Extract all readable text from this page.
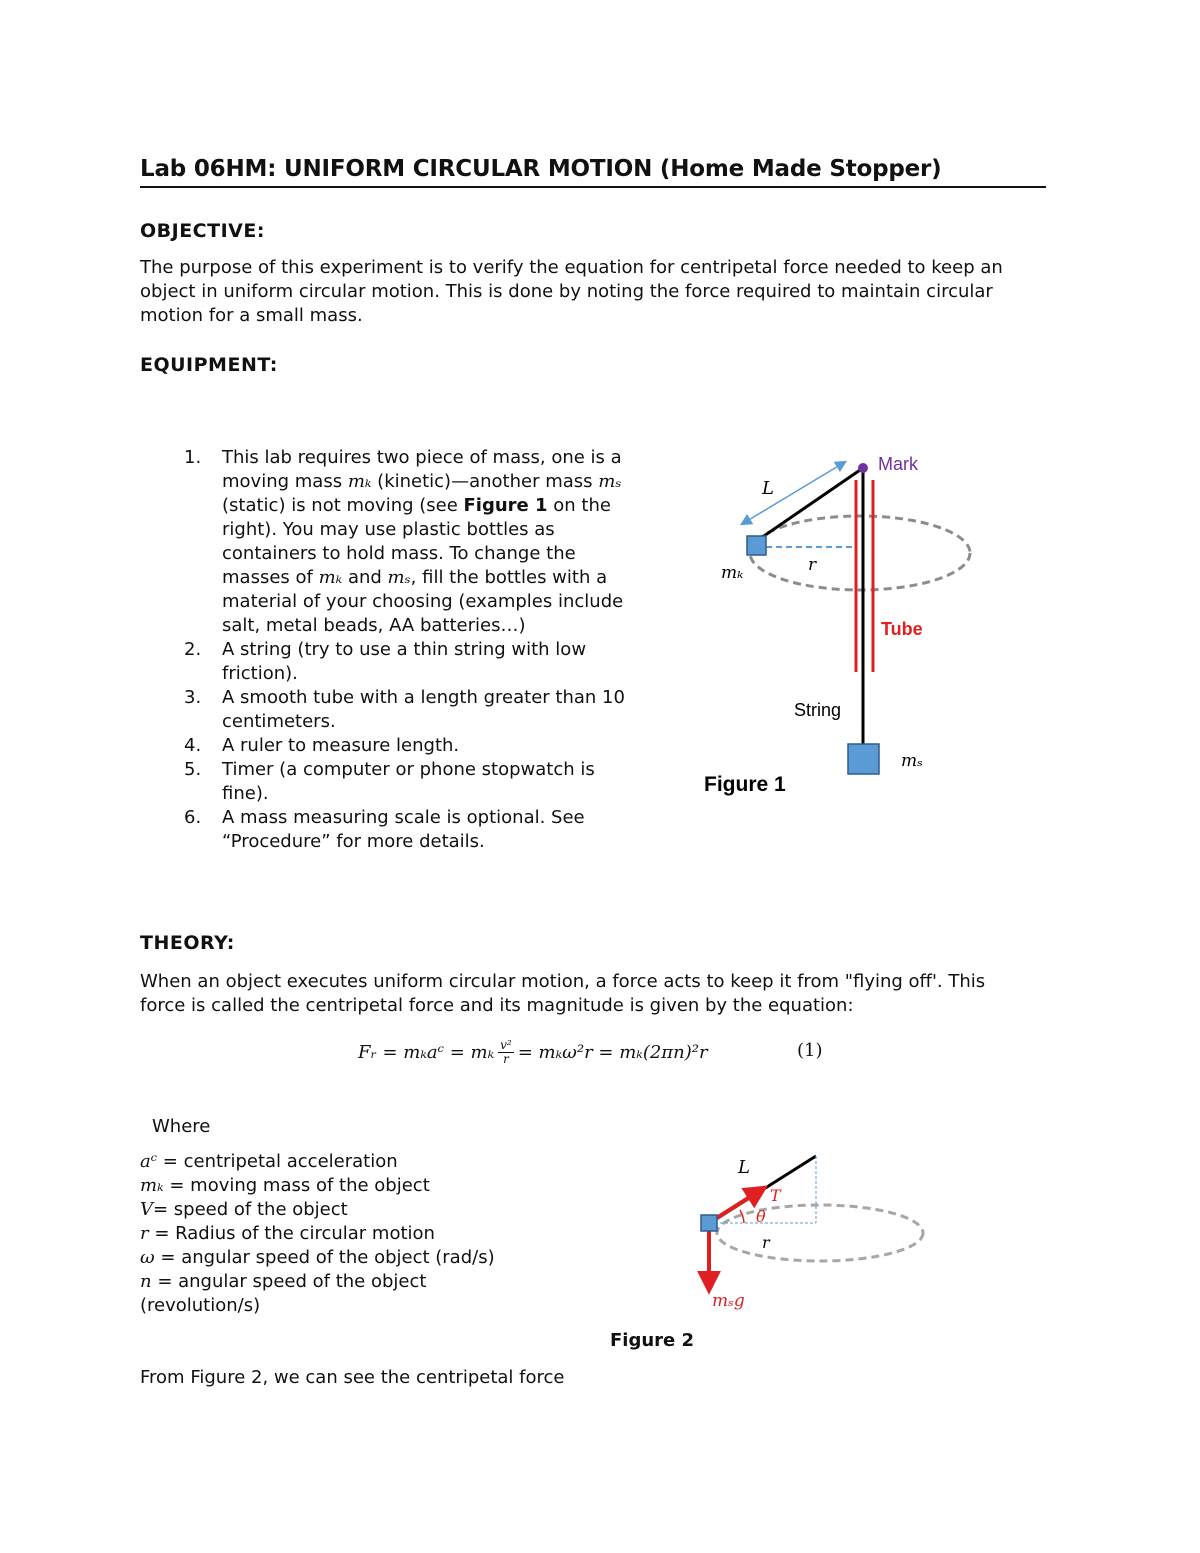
Lab 06HM: UNIFORM CIRCULAR MOTION (Home Made Stopper)
OBJECTIVE:
The purpose of this experiment is to verify the equation for centripetal force needed to keep an
object in uniform circular motion. This is done by noting the force required to maintain circular
motion for a small mass.
EQUIPMENT:
1. This lab requires two piece of mass, one is a
moving mass mₖ (kinetic)—another mass mₛ
(static) is not moving (see Figure 1 on the
right). You may use plastic bottles as
containers to hold mass. To change the
masses of mₖ and mₛ, fill the bottles with a
material of your choosing (examples include
salt, metal beads, AA batteries…)
2. A string (try to use a thin string with low
friction).
3. A smooth tube with a length greater than 10
centimeters.
4. A ruler to measure length.
5. Timer (a computer or phone stopwatch is
fine).
6. A mass measuring scale is optional. See
“Procedure” for more details.
Mark
L
r
mₖ
Tube
String
mₛ
Figure 1
THEORY:
When an object executes uniform circular motion, a force acts to keep it from "flying off'. This
force is called the centripetal force and its magnitude is given by the equation:
Fᵣ = mₖaᶜ = mₖ $\frac{\text{v²}}{r} = m_k\omega^2r = m_k(2\pi n)^2r$	(1)
Where
aᶜ = centripetal acceleration
mₖ = moving mass of the object
V= speed of the object
r = Radius of the circular motion
ω = angular speed of the object (rad/s)
n = angular speed of the object
(revolution/s)
L
T
θ
r
mₛg
Figure 2
From Figure 2, we can see the centripetal force
